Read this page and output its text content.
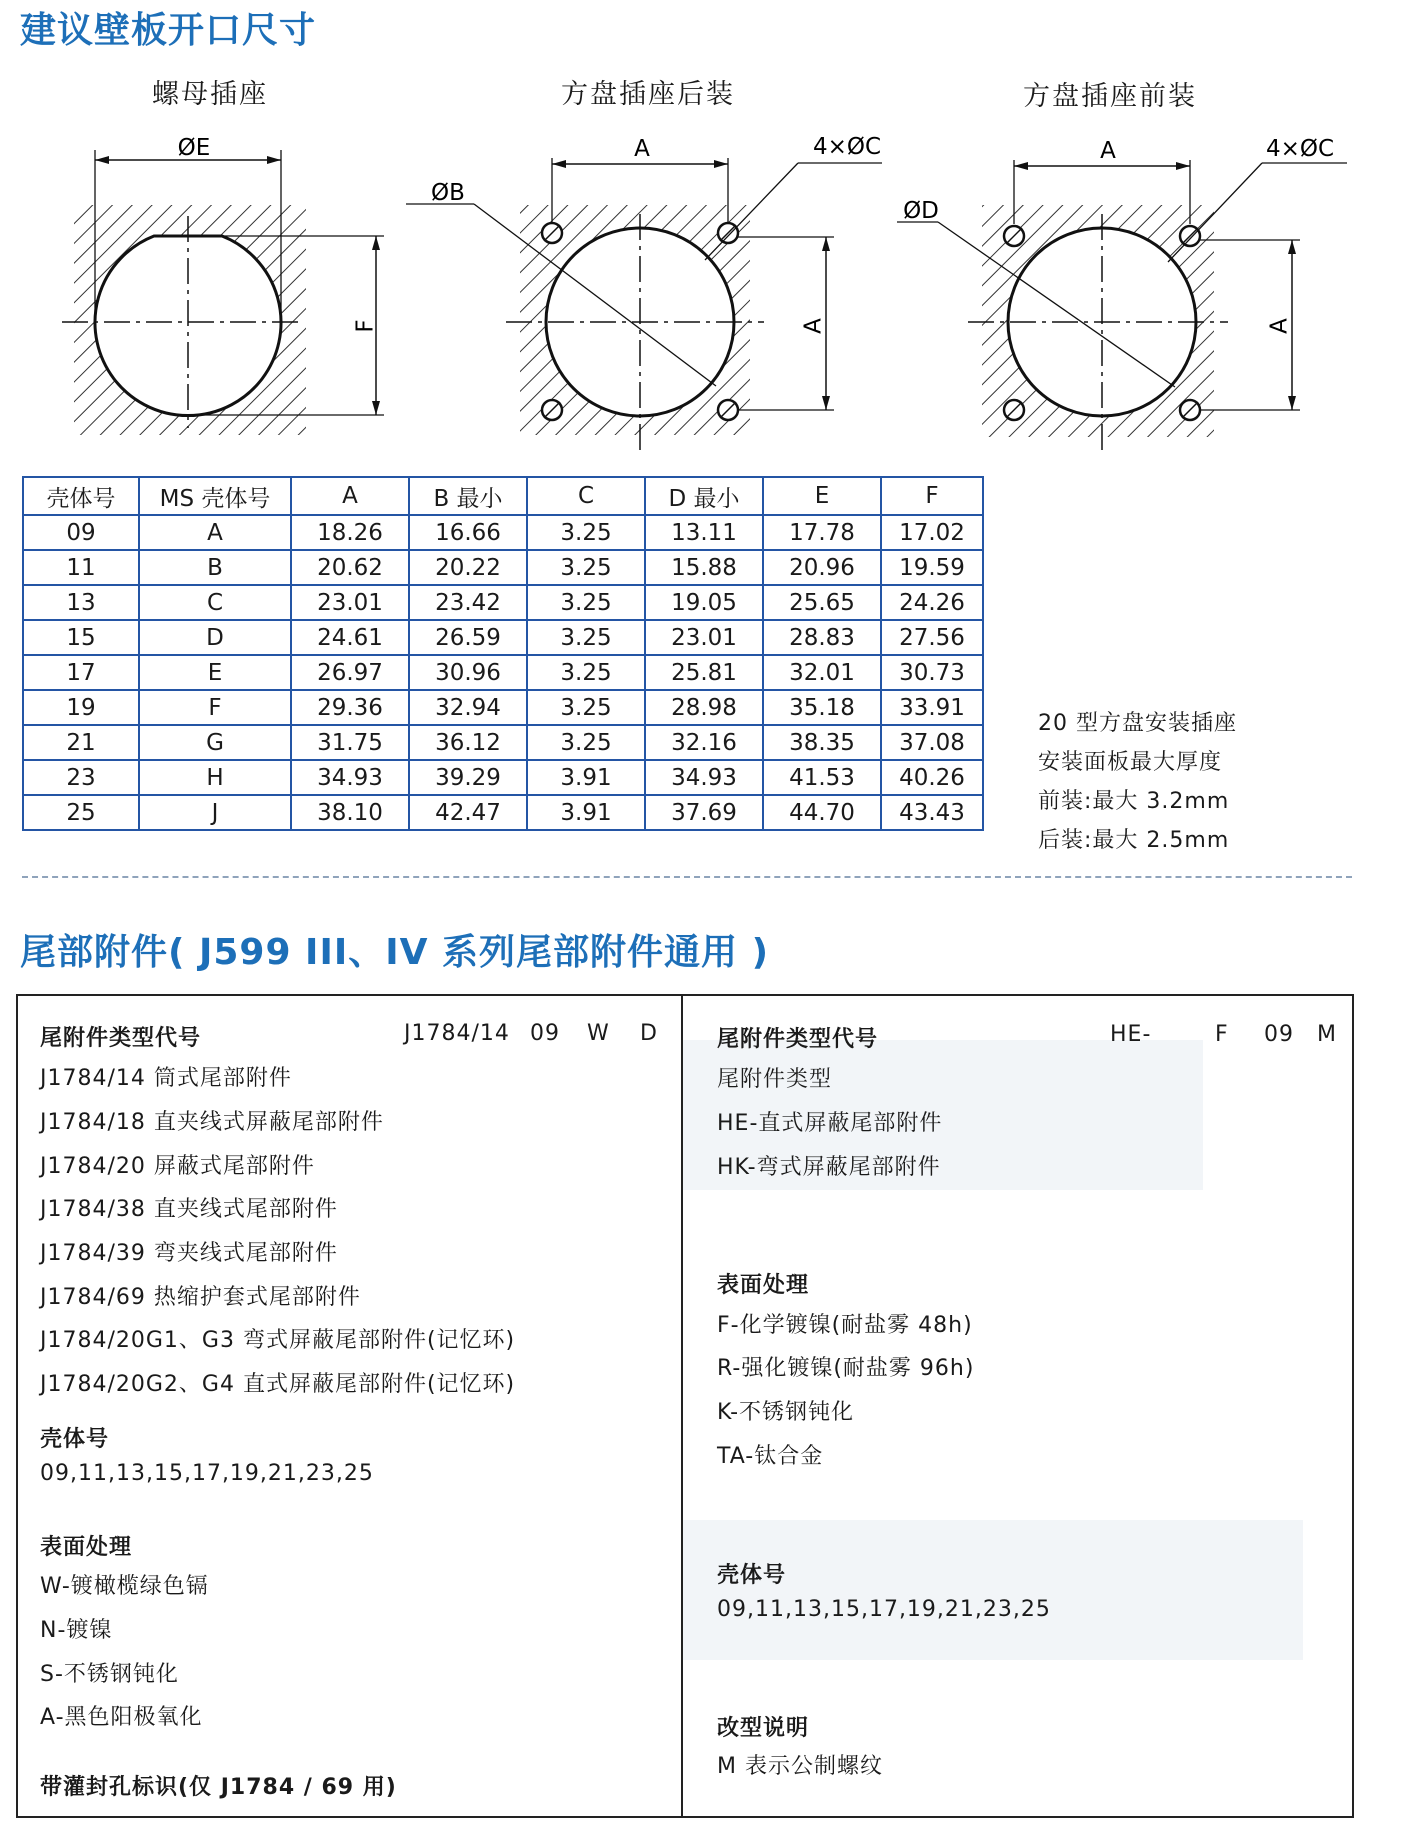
建议壁板开口尺寸
螺母插座	方盘插座后装	方盘插座前装
ØE
F
A	4×ØC
ØB
A
A	4×ØC
ØD
A
壳体号	MS 壳体号	A	B 最小	C	D 最小	E	F
09	A	18.26	16.66	3.25	13.11	17.78	17.02
11	B	20.62	20.22	3.25	15.88	20.96	19.59
13	C	23.01	23.42	3.25	19.05	25.65	24.26
15	D	24.61	26.59	3.25	23.01	28.83	27.56
17	E	26.97	30.96	3.25	25.81	32.01	30.73
19	F	29.36	32.94	3.25	28.98	35.18	33.91
21	G	31.75	36.12	3.25	32.16	38.35	37.08
23	H	34.93	39.29	3.91	34.93	41.53	40.26
25	J	38.10	42.47	3.91	37.69	44.70	43.43
20 型方盘安装插座
安装面板最大厚度
前装:最大 3.2mm
后装:最大 2.5mm
尾部附件( J599 III、IV 系列尾部附件通用 )
尾附件类型代号	J1784/14 09 W D
J1784/14 筒式尾部附件
J1784/18 直夹线式屏蔽尾部附件
J1784/20 屏蔽式尾部附件
J1784/38 直夹线式尾部附件
J1784/39 弯夹线式尾部附件
J1784/69 热缩护套式尾部附件
J1784/20G1、G3 弯式屏蔽尾部附件(记忆环)
J1784/20G2、G4 直式屏蔽尾部附件(记忆环)
壳体号
09,11,13,15,17,19,21,23,25
表面处理
W-镀橄榄绿色镉
N-镀镍
S-不锈钢钝化
A-黑色阳极氧化
带灌封孔标识(仅 J1784 / 69 用)
尾附件类型代号	HE-	F 09 M
尾附件类型
HE-直式屏蔽尾部附件
HK-弯式屏蔽尾部附件
表面处理
F-化学镀镍(耐盐雾 48h)
R-强化镀镍(耐盐雾 96h)
K-不锈钢钝化
TA-钛合金
壳体号
09,11,13,15,17,19,21,23,25
改型说明
M 表示公制螺纹
